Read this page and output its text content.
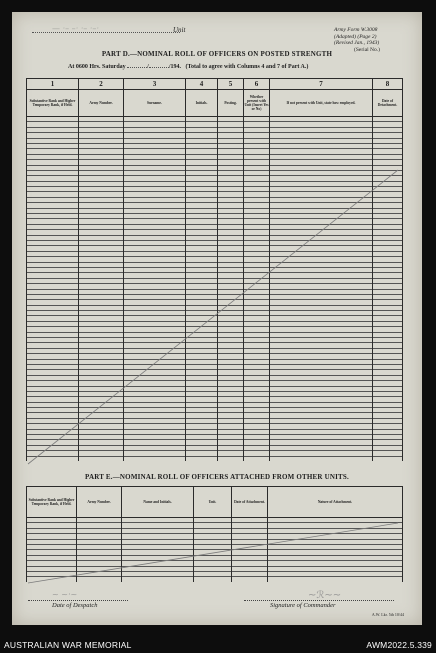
— ·– –· ·– ·–·	Unit	Army Form W.3008
(Adapted) (Page 2)
(Revised Jan., 1943)
(Serial No.)
PART D.—NOMINAL ROLL OF OFFICERS ON POSTED STRENGTH
At 0600 Hrs. Saturday	/	/194. (Total to agree with Columns 4 and 7 of Part A.)
1	2	3	4	5	6	7	8
Substantive Rank and Higher Temporary Rank, if Held.	Army Number.	Surname.	Initials.	Posting.	Whether present with Unit (Insert Yes or No)	If not present with Unit, state how employed.	Date of Detachment.

PART E.—NOMINAL ROLL OF OFFICERS ATTACHED FROM OTHER UNITS.
Substantive Rank and Higher Temporary Rank, if Held.	Army Number.	Name and Initials.	Unit.	Date of Attachment.	Nature of Attachment.

~ ~·~
Date of Despatch
~ℛ~~
Signature of Commander
A.W. Lkr. 5th 10/44
AUSTRALIAN WAR MEMORIAL	AWM2022.5.339
